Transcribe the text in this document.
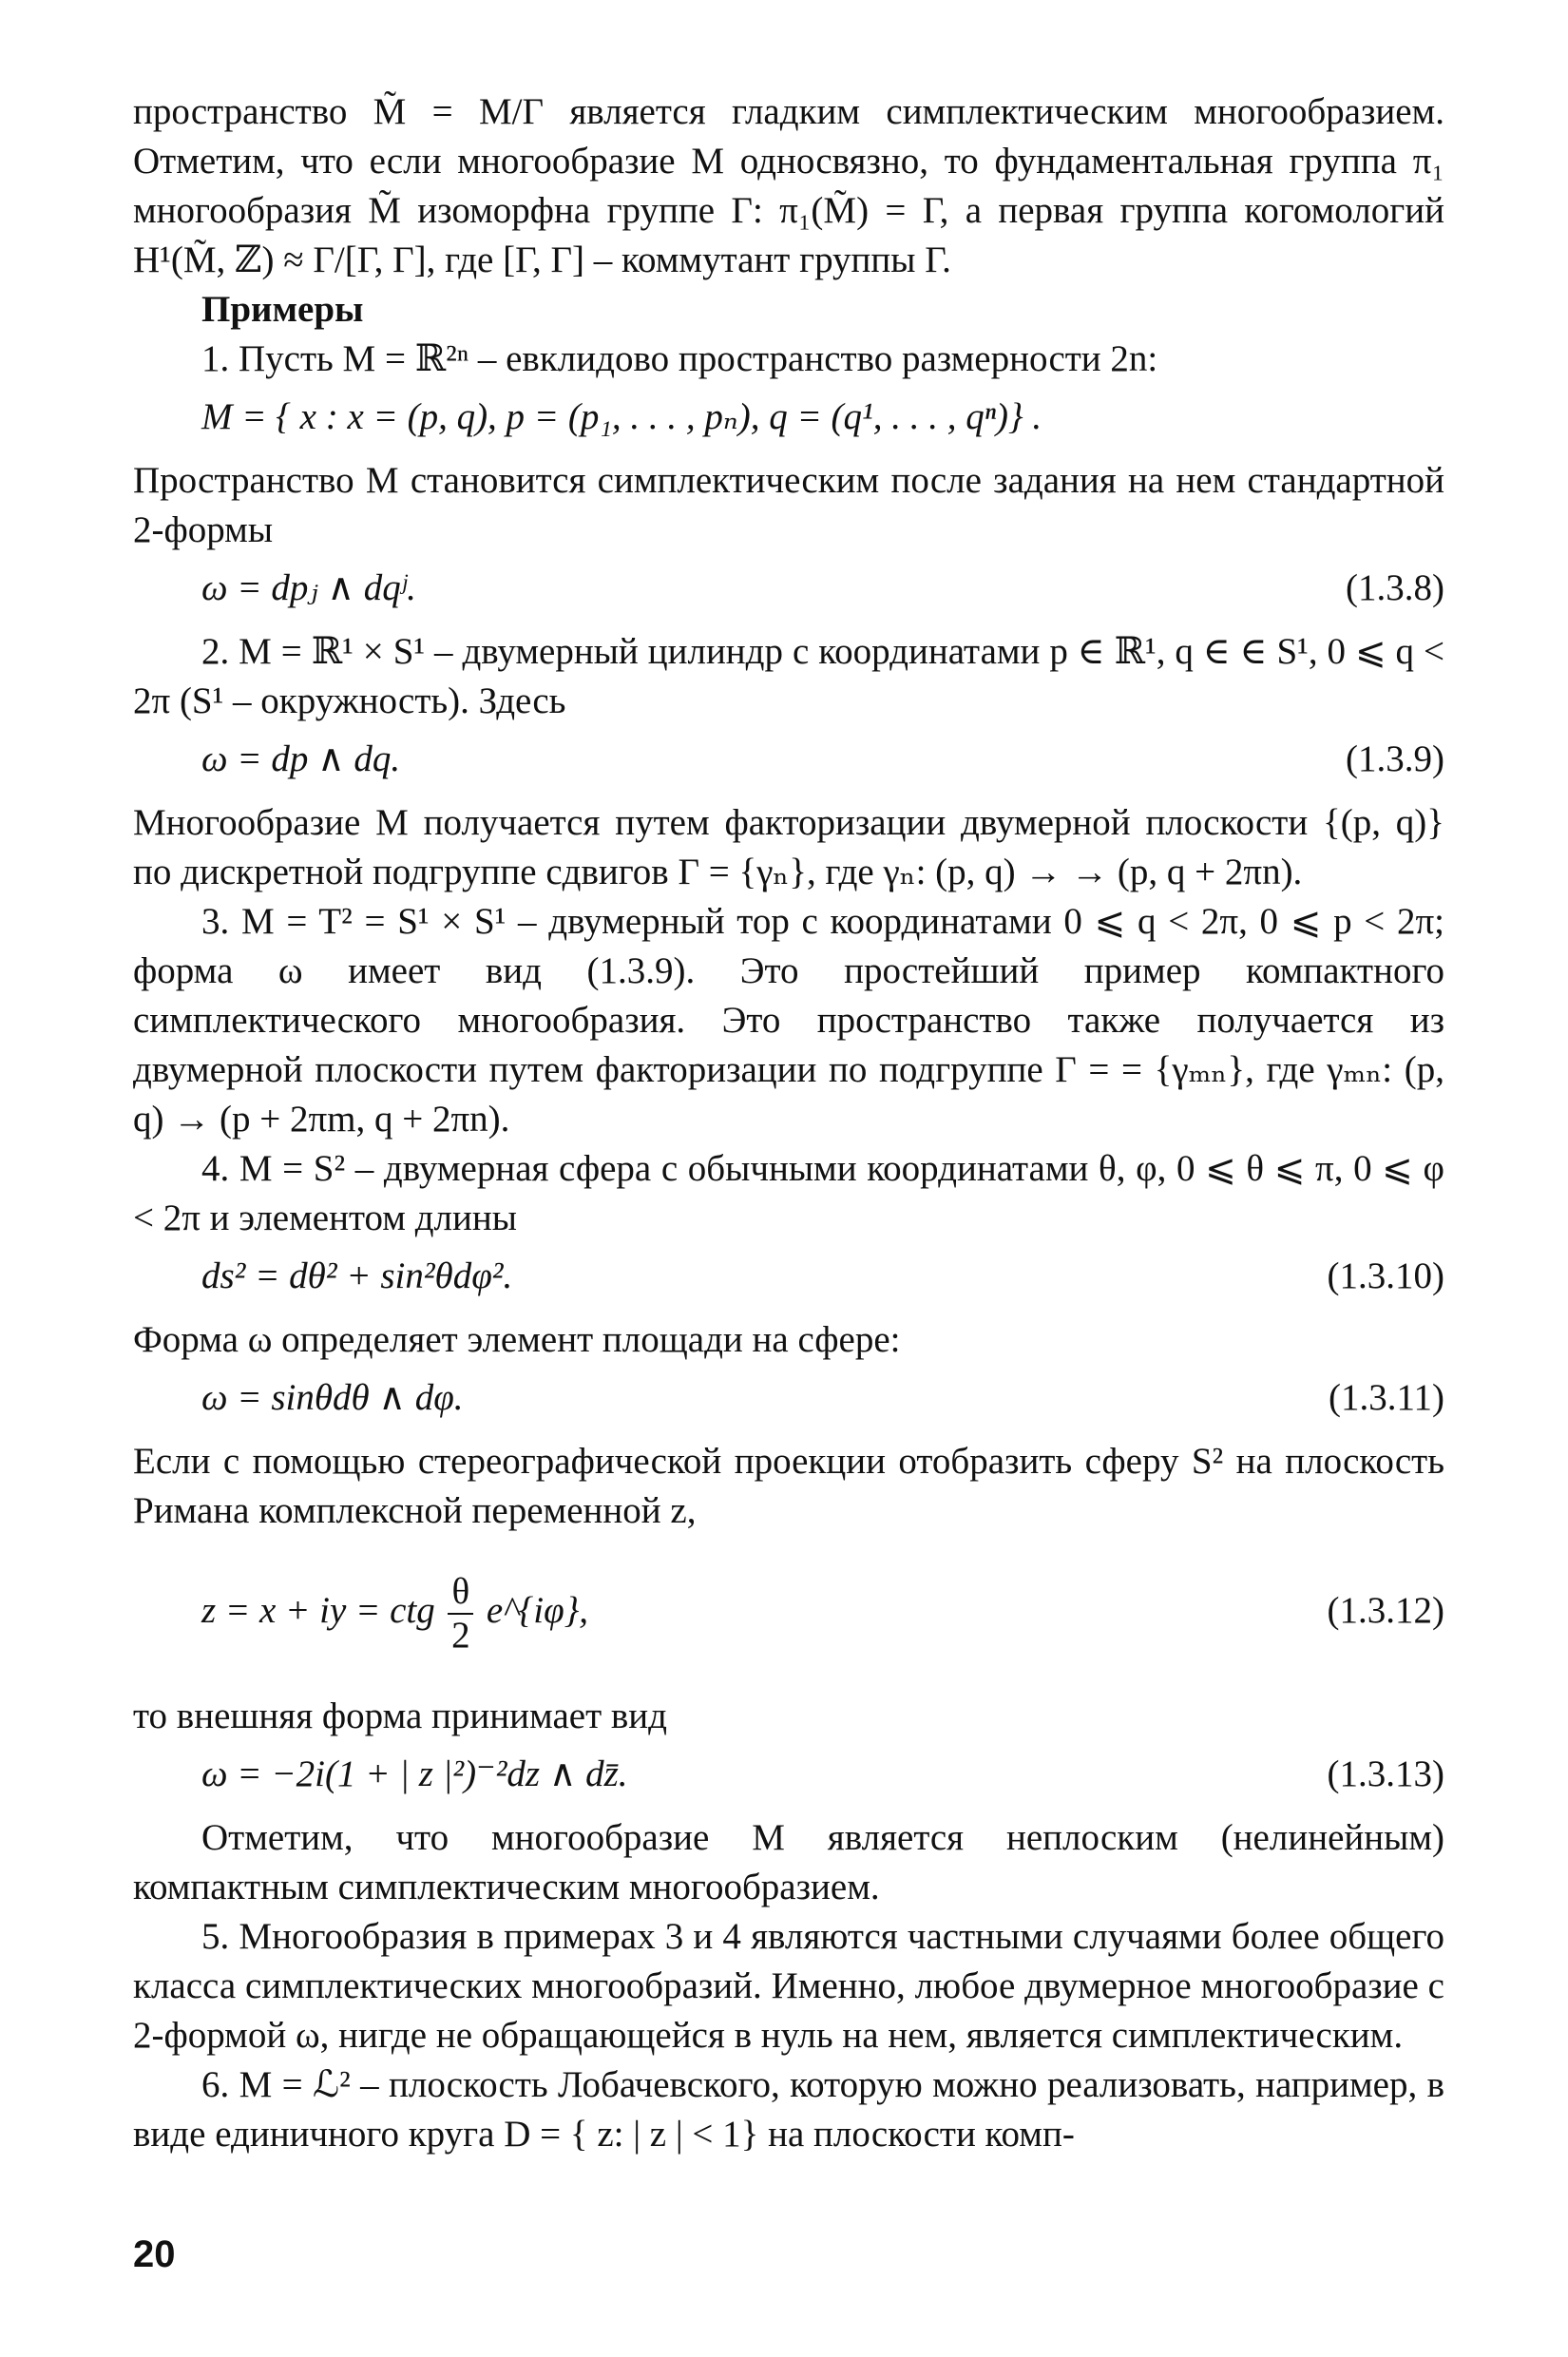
пространство M̃ = M/Γ является гладким симплектическим многообразием. Отметим, что если многообразие M односвязно, то фундаментальная группа π₁ многообразия M̃ изоморфна группе Γ: π₁(M̃) = Γ, а первая группа когомологий H¹(M̃, ℤ) ≈ Γ/[Γ, Γ], где [Γ, Γ] – коммутант группы Γ.

Примеры

1. Пусть M = ℝ²ⁿ – евклидово пространство размерности 2n:

M = { x : x = (p, q), p = (p₁, . . . , pₙ), q = (q¹, . . . , qⁿ)} .

Пространство M становится симплектическим после задания на нем стандартной 2-формы

ω = dpⱼ ∧ dqʲ.	(1.3.8)

2. M = ℝ¹ × S¹ – двумерный цилиндр с координатами p ∈ ℝ¹, q ∈ ∈ S¹, 0 ⩽ q < 2π (S¹ – окружность). Здесь

ω = dp ∧ dq.	(1.3.9)

Многообразие M получается путем факторизации двумерной плоскости {(p, q)} по дискретной подгруппе сдвигов Γ = {γₙ}, где γₙ: (p, q) → → (p, q + 2πn).

3. M = T² = S¹ × S¹ – двумерный тор с координатами 0 ⩽ q < 2π, 0 ⩽ p < 2π; форма ω имеет вид (1.3.9). Это простейший пример компактного симплектического многообразия. Это пространство также получается из двумерной плоскости путем факторизации по подгруппе Γ = = {γₘₙ}, где γₘₙ: (p, q) → (p + 2πm, q + 2πn).

4. M = S² – двумерная сфера с обычными координатами θ, φ, 0 ⩽ θ ⩽ π, 0 ⩽ φ < 2π и элементом длины

ds² = dθ² + sin²θdφ².	(1.3.10)

Форма ω определяет элемент площади на сфере:

ω = sinθdθ ∧ dφ.	(1.3.11)

Если с помощью стереографической проекции отобразить сферу S² на плоскость Римана комплексной переменной z,

z = x + iy = ctg $\frac{\theta}{2}$ e^{iφ},	(1.3.12)

то внешняя форма принимает вид

ω = −2i(1 + | z |²)⁻²dz ∧ dz̄.	(1.3.13)

Отметим, что многообразие M является неплоским (нелинейным) компактным симплектическим многообразием.

5. Многообразия в примерах 3 и 4 являются частными случаями более общего класса симплектических многообразий. Именно, любое двумерное многообразие с 2-формой ω, нигде не обращающейся в нуль на нем, является симплектическим.

6. M = ℒ² – плоскость Лобачевского, которую можно реализовать, например, в виде единичного круга D = { z: | z | < 1} на плоскости комп-

20
